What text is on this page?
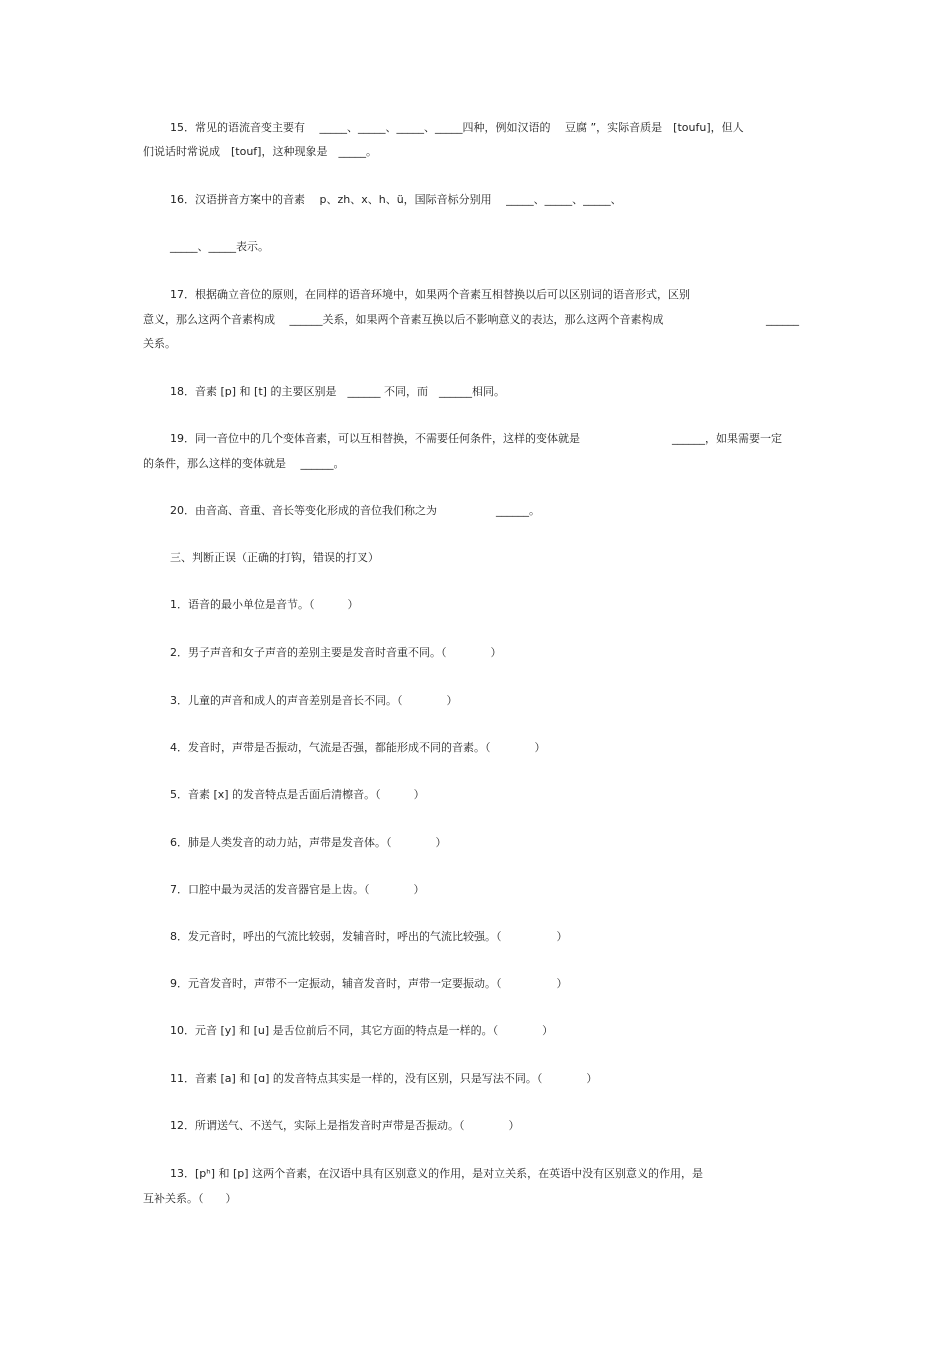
15．常见的语流音变主要有　 _____、_____、_____、_____四种，例如汉语的　 豆腐 ”，实际音质是　[toufu]，但人
们说话时常说成　[touf]，这种现象是　_____。
16．汉语拼音方案中的音素　 p、zh、x、h、ü，国际音标分别用　 _____、_____、_____、
_____、_____表示。
17．根据确立音位的原则，在同样的语音环境中，如果两个音素互相替换以后可以区别词的语音形式，区别
意义，那么这两个音素构成　 ______关系，如果两个音素互换以后不影响意义的表达，那么这两个音素构成	______
关系。
18．音素 [p] 和 [t] 的主要区别是　______ 不同，而　______相同。
19．同一音位中的几个变体音素，可以互相替换，不需要任何条件，这样的变体就是	______，如果需要一定
的条件，那么这样的变体就是　 ______。
20．由音高、音重、音长等变化形成的音位我们称之为	______。
三、判断正误（正确的打钩，错误的打叉）
1．语音的最小单位是音节。（　　　）
2．男子声音和女子声音的差别主要是发音时音重不同。（　　　　）
3．儿童的声音和成人的声音差别是音长不同。（　　　　）
4．发音时，声带是否振动，气流是否强，都能形成不同的音素。（　　　　）
5．音素 [x] 的发音特点是舌面后清檫音。（　　　）
6．肺是人类发音的动力站，声带是发音体。（　　　　）
7．口腔中最为灵活的发音器官是上齿。（　　　　）
8．发元音时，呼出的气流比较弱，发辅音时，呼出的气流比较强。（　　　　　）
9．元音发音时，声带不一定振动，辅音发音时，声带一定要振动。（　　　　　）
10．元音 [y] 和 [u] 是舌位前后不同，其它方面的特点是一样的。（　　　　）
11．音素 [a] 和 [ɑ] 的发音特点其实是一样的，没有区别，只是写法不同。（　　　　）
12．所谓送气、不送气，实际上是指发音时声带是否振动。（　　　　）
13．[pʰ] 和 [p] 这两个音素，在汉语中具有区别意义的作用，是对立关系，在英语中没有区别意义的作用，是
互补关系。（　　）
